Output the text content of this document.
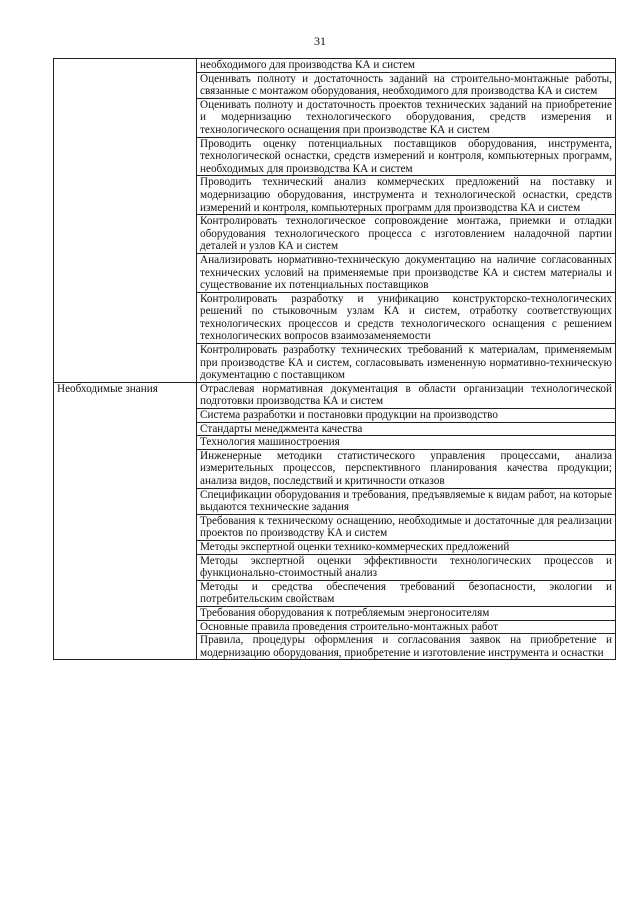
31
	необходимого для производства КА и систем
	Оценивать полноту и достаточность заданий на строительно-монтажные работы, связанные с монтажом оборудования, необходимого для производства КА и систем
	Оценивать полноту и достаточность проектов технических заданий на приобретение и модернизацию технологического оборудования, средств измерения и технологического оснащения при производстве КА и систем
	Проводить оценку потенциальных поставщиков оборудования, инструмента, технологической оснастки, средств измерений и контроля, компьютерных программ, необходимых для производства КА и систем
	Проводить технический анализ коммерческих предложений на поставку и модернизацию оборудования, инструмента и технологической оснастки, средств измерений и контроля, компьютерных программ для производства КА и систем
	Контролировать технологическое сопровождение монтажа, приемки и отладки оборудования технологического процесса с изготовлением наладочной партии деталей и узлов КА и систем
	Анализировать нормативно-техническую документацию на наличие согласованных технических условий на применяемые при производстве КА и систем материалы и существование их потенциальных поставщиков
	Контролировать разработку и унификацию конструкторско-технологических решений по стыковочным узлам КА и систем, отработку соответствующих технологических процессов и средств технологического оснащения с решением технологических вопросов взаимозаменяемости
	Контролировать разработку технических требований к материалам, применяемым при производстве КА и систем, согласовывать измененную нормативно-техническую документацию с поставщиком
Необходимые знания	Отраслевая нормативная документация в области организации технологической подготовки производства КА и систем
	Система разработки и постановки продукции на производство
	Стандарты менеджмента качества
	Технология машиностроения
	Инженерные методики статистического управления процессами, анализа измерительных процессов, перспективного планирования качества продукции; анализа видов, последствий и критичности отказов
	Спецификации оборудования и требования, предъявляемые к видам работ, на которые выдаются технические задания
	Требования к техническому оснащению, необходимые и достаточные для реализации проектов по производству КА и систем
	Методы экспертной оценки технико-коммерческих предложений
	Методы экспертной оценки эффективности технологических процессов и функционально-стоимостный анализ
	Методы и средства обеспечения требований безопасности, экологии и потребительским свойствам
	Требования оборудования к потребляемым энергоносителям
	Основные правила проведения строительно-монтажных работ
	Правила, процедуры оформления и согласования заявок на приобретение и модернизацию оборудования, приобретение и изготовление инструмента и оснастки
